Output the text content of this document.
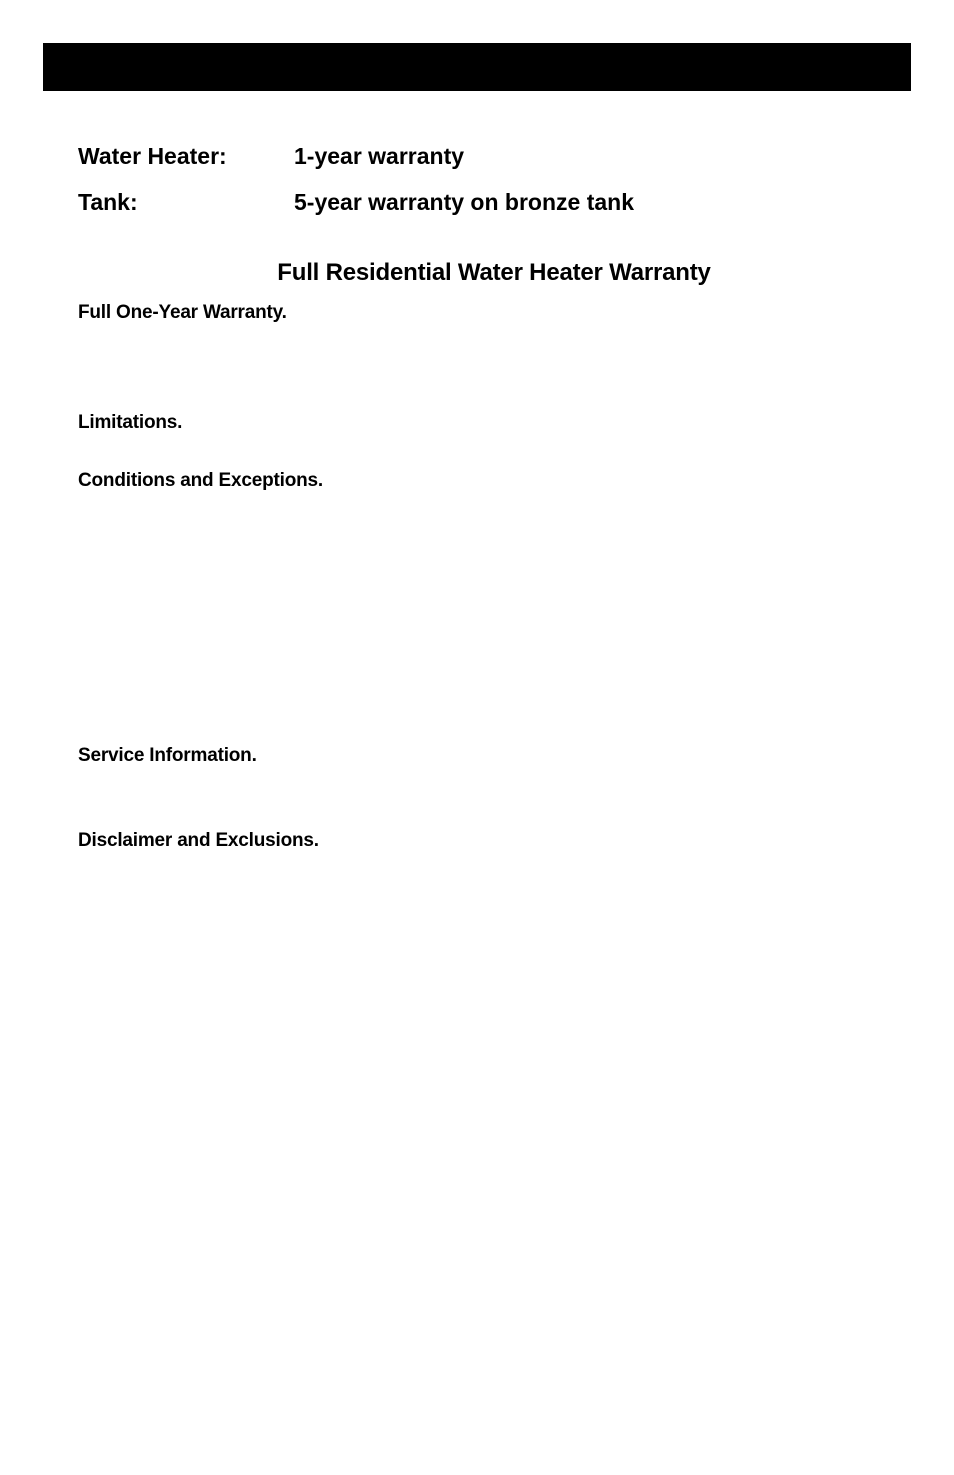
Water Heater:	1-year warranty
Tank:	5-year warranty on bronze tank
Full Residential Water Heater Warranty
Full One-Year Warranty.
Limitations.
Conditions and Exceptions.
Service Information.
Disclaimer and Exclusions.
